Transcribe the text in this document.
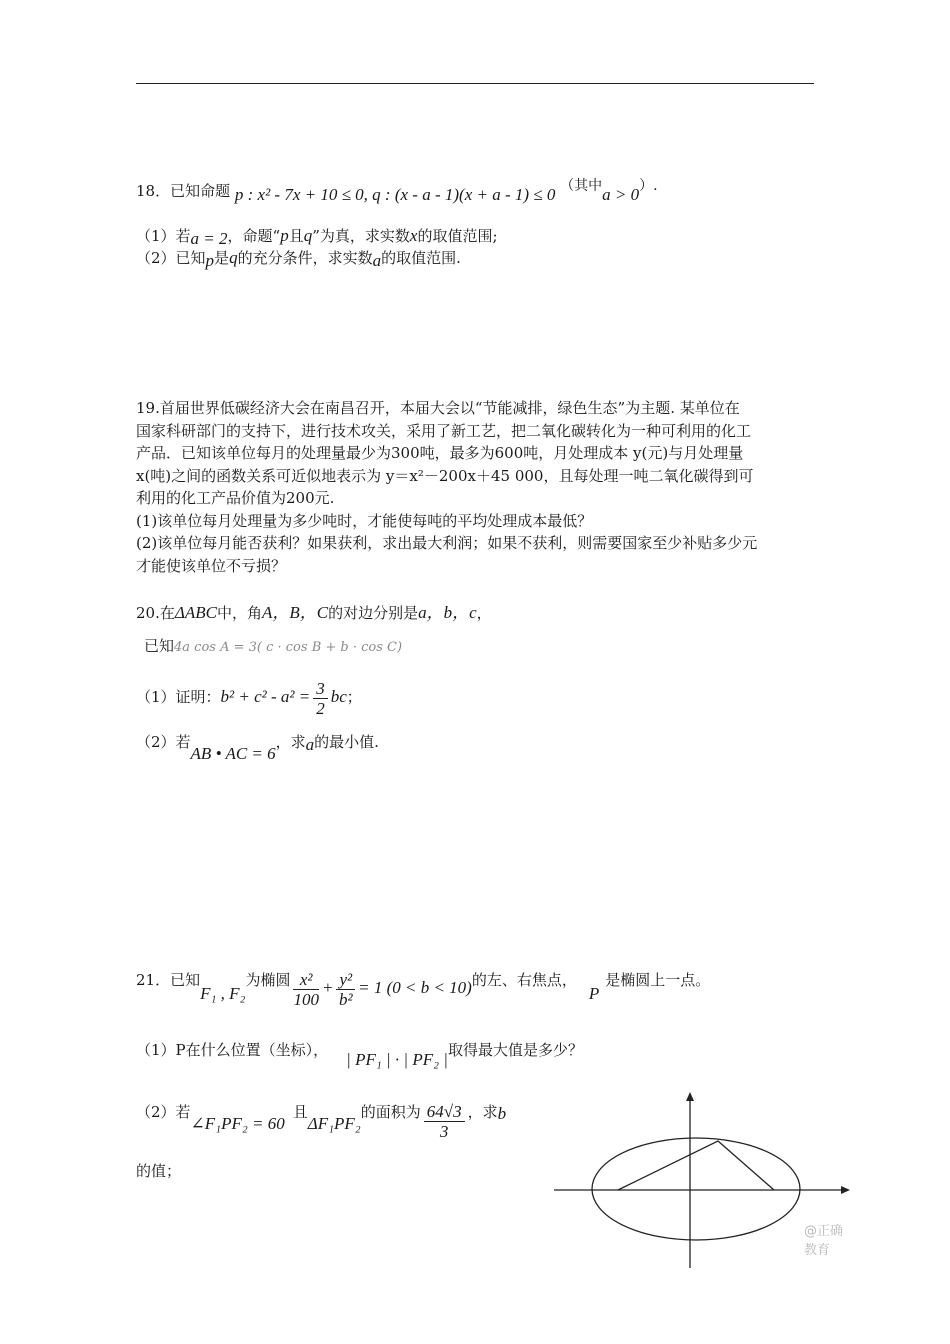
18．已知命题 p : x² - 7x + 10 ≤ 0, q : (x - a - 1)(x + a - 1) ≤ 0 （其中a > 0）.
（1）若a = 2，命题“p且q”为真，求实数x的取值范围;
（2）已知p是q的充分条件，求实数a的取值范围.
19.首届世界低碳经济大会在南昌召开，本届大会以“节能减排，绿色生态”为主题. 某单位在
国家科研部门的支持下，进行技术攻关，采用了新工艺，把二氧化碳转化为一种可利用的化工
产品．已知该单位每月的处理量最少为300吨，最多为600吨，月处理成本 y(元)与月处理量
x(吨)之间的函数关系可近似地表示为 y＝x²－200x＋45 000，且每处理一吨二氧化碳得到可
利用的化工产品价值为200元.
(1)该单位每月处理量为多少吨时，才能使每吨的平均处理成本最低？
(2)该单位每月能否获利？如果获利，求出最大利润；如果不获利，则需要国家至少补贴多少元
才能使该单位不亏损？
20.在ΔABC中，角A，B，C的对边分别是a，b，c，
已知4a cos A = 3( c · cos B + b · cos C)
（1）证明：$b^2 + c^2 - a^2 = \frac{3}{2}$ bc；
（2）若AB • AC = 6，求a的最小值.
21．已知F₁ , F₂为椭圆 $\frac{\text{x²}}{100} + \frac{\text{y²}}{\text{b²}} = 1$ (0 < b < 10)的左、右焦点，P是椭圆上一点。
（1）P在什么位置（坐标）， | PF₁ | · | PF₂ |取得最大值是多少？
（2）若∠F₁PF₂ = 60且ΔF₁PF₂的面积为 $\frac{64√3}{3}$ ，求b
的值；
@正确教育
